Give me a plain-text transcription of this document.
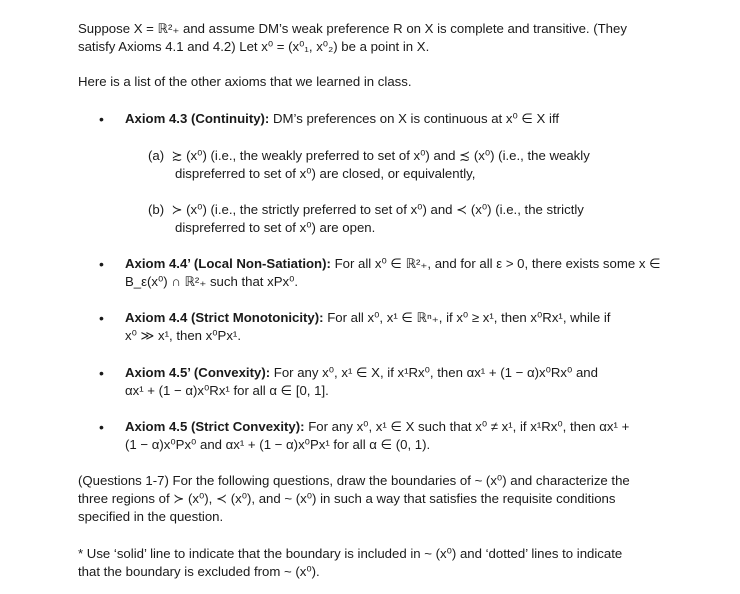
Suppose X = ℝ²₊ and assume DM’s weak preference R on X is complete and transitive. (They
satisfy Axioms 4.1 and 4.2) Let x⁰ = (x⁰₁, x⁰₂) be a point in X.
Here is a list of the other axioms that we learned in class.
• Axiom 4.3 (Continuity): DM’s preferences on X is continuous at x⁰ ∈ X iff
(a) ≿ (x⁰) (i.e., the weakly preferred to set of x⁰) and ≾ (x⁰) (i.e., the weakly
dispreferred to set of x⁰) are closed, or equivalently,
(b) ≻ (x⁰) (i.e., the strictly preferred to set of x⁰) and ≺ (x⁰) (i.e., the strictly
dispreferred to set of x⁰) are open.
• Axiom 4.4’ (Local Non-Satiation): For all x⁰ ∈ ℝ²₊, and for all ε > 0, there exists some x ∈
B_ε(x⁰) ∩ ℝ²₊ such that xPx⁰.
• Axiom 4.4 (Strict Monotonicity): For all x⁰, x¹ ∈ ℝⁿ₊, if x⁰ ≥ x¹, then x⁰Rx¹, while if
x⁰ ≫ x¹, then x⁰Px¹.
• Axiom 4.5’ (Convexity): For any x⁰, x¹ ∈ X, if x¹Rx⁰, then αx¹ + (1 − α)x⁰Rx⁰ and
αx¹ + (1 − α)x⁰Rx¹ for all α ∈ [0, 1].
• Axiom 4.5 (Strict Convexity): For any x⁰, x¹ ∈ X such that x⁰ ≠ x¹, if x¹Rx⁰, then αx¹ +
(1 − α)x⁰Px⁰ and αx¹ + (1 − α)x⁰Px¹ for all α ∈ (0, 1).
(Questions 1-7) For the following questions, draw the boundaries of ~ (x⁰) and characterize the
three regions of ≻ (x⁰), ≺ (x⁰), and ~ (x⁰) in such a way that satisfies the requisite conditions
specified in the question.
* Use ‘solid’ line to indicate that the boundary is included in ~ (x⁰) and ‘dotted’ lines to indicate
that the boundary is excluded from ~ (x⁰).
